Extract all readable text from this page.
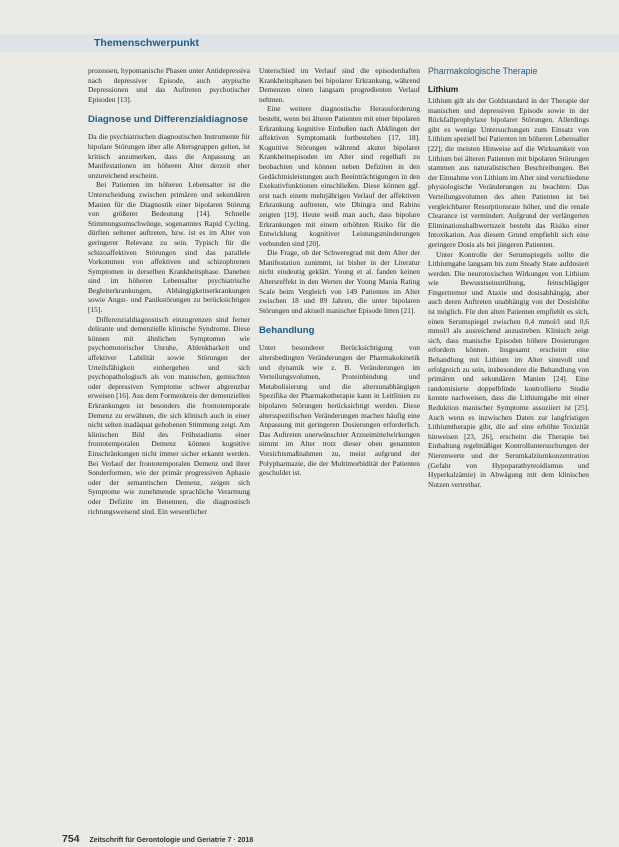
Themenschwerpunkt

prozessen, hypomanische Phasen unter Antidepressiva nach depressiver Episode, auch atypische Depressionen und das Auftreten psychotischer Episoden [13].

Diagnose und Differenzialdiagnose

Da die psychiatrischen diagnostischen Instrumente für bipolare Störungen über alle Altersgruppen gelten, ist kritisch anzumerken, dass die Anpassung an Manifestationen im höheren Alter derzeit eher unzureichend erscheint.

Bei Patienten im höheren Lebensalter ist die Unterscheidung zwischen primären und sekundären Manien für die Diagnostik einer bipolaren Störung von größerer Bedeutung [14]. Schnelle Stimmungsumschwünge, sogenanntes Rapid Cycling, dürften seltener auftreten, bzw. ist es im Alter von geringerer Relevanz zu sein. Typisch für die schizoaffektiven Störungen sind das parallele Vorkommen von affektiven und schizophrenen Symptomen in derselben Krankheitsphase. Daneben sind im höheren Lebensalter psychiatrische Begleiterkrankungen, Abhängigkeitserkrankungen sowie Angst- und Panikstörungen zu berücksichtigen [15].

Differenzialdiagnostisch einzugrenzen sind ferner delirante und demenzielle klinische Syndrome. Diese können mit ähnlichen Symptomen wie psychomotorischer Unruhe, Ablenkbarkeit und affektiver Labilität sowie Störungen der Urteilsfähigkeit einhergehen und sich psychopathologisch als von manischen, gemischten oder depressiven Symptome schwer abgrenzbar erweisen [16]. Aus dem Formenkreis der demenziellen Erkrankungen ist besonders die frontotemporale Demenz zu erwähnen, die sich klinisch auch in einer nicht selten inadäquat gehobenen Stimmung zeigt. Am klinischen Bild des Frühstadiums einer frontotemporalen Demenz können kognitive Einschränkungen nicht immer sicher erkannt werden. Bei Verlauf der frontotemporalen Demenz und ihrer Sonderformen, wie der primär progressiven Aphasie oder der semantischen Demenz, zeigen sich Symptome wie zunehmende sprachliche Verarmung oder Defizite im Benennen, die diagnostisch richtungsweisend sind. Ein wesentlicher

Unterschied im Verlauf sind die episodenhaften Krankheitsphasen bei bipolarer Erkrankung, während Demenzen einen langsam progredienten Verlauf nehmen.

Eine weitere diagnostische Herausforderung besteht, wenn bei älteren Patienten mit einer bipolaren Erkrankung kognitive Einbußen nach Abklingen der affektiven Symptomatik fortbestehen [17, 18]. Kognitive Störungen während akuter bipolarer Krankheitsepisoden im Alter sind regelhaft zu beobachten und können neben Defiziten in den Gedächtnisleistungen auch Beeinträchtigungen in den Exekutivfunktionen einschließen. Diese können ggf. erst nach einem mehrjährigen Verlauf der affektiven Erkrankung auftreten, wie Dhingra und Rabins zeigten [19]. Heute weiß man auch, dass bipolare Erkrankungen mit einem erhöhten Risiko für die Entwicklung kognitiver Leistungsminderungen verbunden sind [20].

Die Frage, ob der Schweregrad mit dem Alter der Manifestation zunimmt, ist bisher in der Literatur nicht eindeutig geklärt. Young et al. fanden keinen Altersreffekt in den Werten der Young Mania Rating Scale beim Vergleich von 149 Patienten im Alter zwischen 18 und 89 Jahren, die unter bipolaren Störungen und aktuell manischer Episode litten [21].

Behandlung

Unter besonderer Berücksichtigung von altersbedingten Veränderungen der Pharmakokinetik und dynamik wie z. B. Veränderungen im Verteilungsvolumen, Proteinbindung und Metabolisierung und die altersunabhängigen Spezifika der Pharmakotherapie kann in Leitlinien zu bipolaren Störungen berücksichtigt werden. Diese altersspezifischen Veränderungen machen häufig eine Anpassung mit geringeren Dosierungen erforderlich. Das Auftreten unerwünschter Arzneimittelwirkungen nimmt im Alter trotz dieser oben genannten Vorsichtsmaßnahmen zu, meist aufgrund der Polypharmazie, die der Multimorbidität der Patienten geschuldet ist.

Pharmakologische Therapie
Lithium

Lithium gilt als der Goldstandard in der Therapie der manischen und depressiven Episode sowie in der Rückfallprophylaxe bipolarer Störungen. Allerdings gibt es wenige Untersuchungen zum Einsatz von Lithium speziell bei Patienten im höheren Lebensalter [22]; die meisten Hinweise auf die Wirksamkeit von Lithium bei älteren Patienten mit bipolaren Störungen stammen aus naturalistischen Beschreibungen. Bei der Einnahme von Lithium im Alter sind verschiedene physiologische Veränderungen zu beachten: Das Verteilungsvolumen des alten Patienten ist bei vergleichbarer Resorptionsrate höher, und die renale Clearance ist vermindert. Aufgrund der verlängerten Eliminationshalbwertszeit besteht das Risiko einer Intoxikation. Aus diesem Grund empfiehlt sich eine geringere Dosis als bei jüngeren Patienten.

Unter Kontrolle der Serumspiegels sollte die Lithiumgabe langsam bis zum Steady State aufdosiert werden. Die neurotoxischen Wirkungen von Lithium wie Bewusstseinstrübung, feinschlägiger Fingertremor und Ataxie und dosisabhängig, aber auch deren Auftreten unabhängig von der Dosishöhe ist möglich. Für den alten Patienten empfiehlt es sich, einen Serumspiegel zwischen 0,4 mmol/l und 0,6 mmol/l als ausreichend anzustreben. Klinisch zeigt sich, dass manische Episoden höhere Dosierungen erfordern können. Insgesamt erscheint eine Behandlung mit Lithium im Alter sinnvoll und erfolgreich zu sein, insbesondere die Behandlung von primären und sekundären Manien [24]. Eine randomisierte doppelblinde kontrollierte Studie konnte nachweisen, dass die Lithiumgabe mit einer Reduktion manischer Symptome assoziiert ist [25]. Auch wenn es inzwischen Daten zur langfristigen Lithiumtherapie gibt, die auf eine erhöhte Toxizität hinweisen [23, 26], erscheint die Therapie bei Einhaltung regelmäßiger Kontrolluntersuchungen der Nierenwerte und der Serumkalziumkonzentration (Gefahr von Hypoparathyreoidismus und Hyperkalzämie) in Abwägung mit dem klinischen Nutzen vertretbar.

754 Zeitschrift für Gerontologie und Geriatrie 7 · 2018
